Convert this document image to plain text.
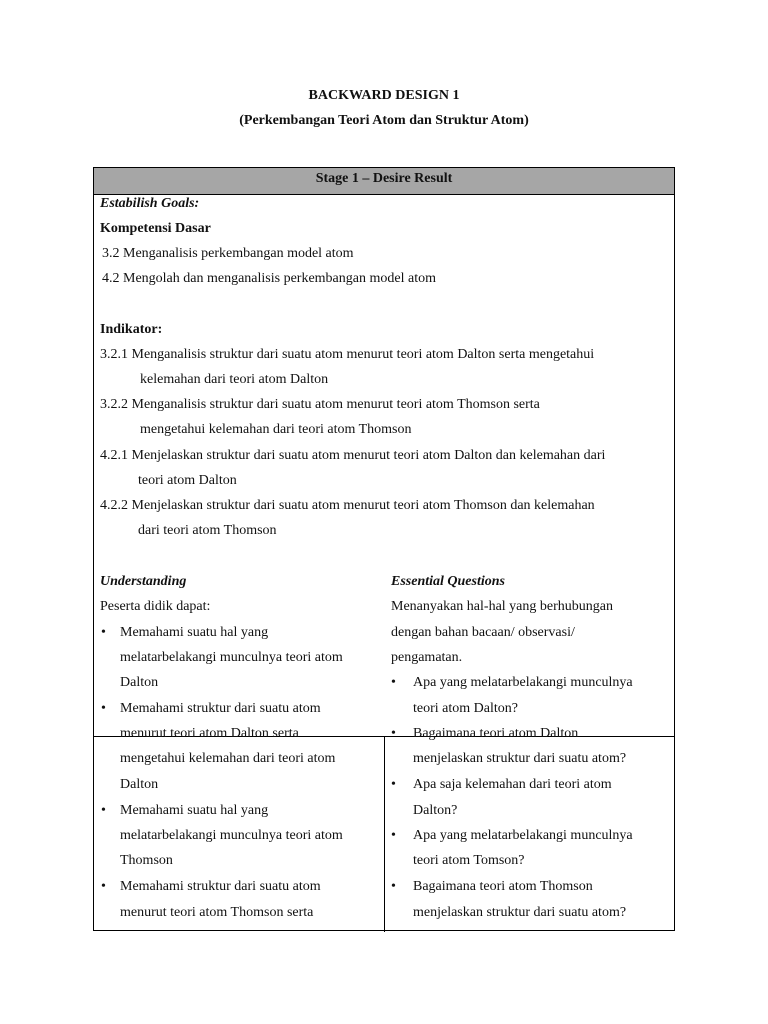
BACKWARD DESIGN 1
(Perkembangan Teori Atom dan Struktur Atom)
Stage 1 – Desire Result
Estabilish Goals:
Kompetensi Dasar
3.2 Menganalisis perkembangan model atom
4.2 Mengolah dan menganalisis perkembangan model atom
Indikator:
3.2.1 Menganalisis struktur dari suatu atom menurut teori atom Dalton serta mengetahui
kelemahan dari teori atom Dalton
3.2.2 Menganalisis struktur dari suatu atom menurut teori atom Thomson serta
mengetahui kelemahan dari teori atom Thomson
4.2.1 Menjelaskan struktur dari suatu atom menurut teori atom Dalton dan kelemahan dari
teori atom Dalton
4.2.2 Menjelaskan struktur dari suatu atom menurut teori atom Thomson dan kelemahan
dari teori atom Thomson
Understanding
Peserta didik dapat:
• Memahami suatu hal yang
melatarbelakangi munculnya teori atom
Dalton
• Memahami struktur dari suatu atom
menurut teori atom Dalton serta
mengetahui kelemahan dari teori atom
Dalton
• Memahami suatu hal yang
melatarbelakangi munculnya teori atom
Thomson
• Memahami struktur dari suatu atom
menurut teori atom Thomson serta
Essential Questions
Menanyakan hal-hal yang berhubungan
dengan bahan bacaan/ observasi/
pengamatan.
• Apa yang melatarbelakangi munculnya
teori atom Dalton?
• Bagaimana teori atom Dalton
menjelaskan struktur dari suatu atom?
• Apa saja kelemahan dari teori atom
Dalton?
• Apa yang melatarbelakangi munculnya
teori atom Tomson?
• Bagaimana teori atom Thomson
menjelaskan struktur dari suatu atom?
